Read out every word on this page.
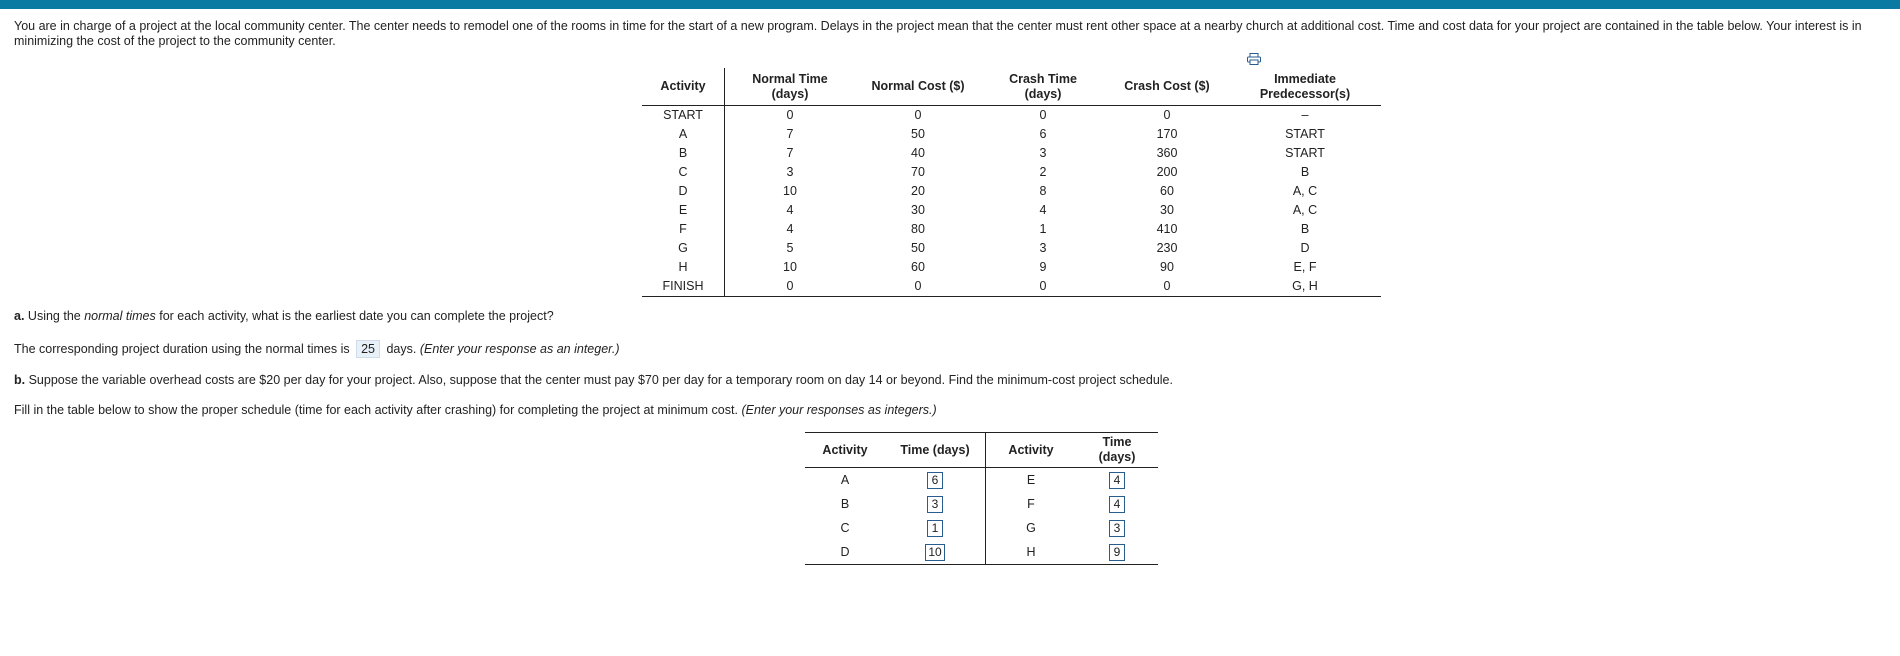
You are in charge of a project at the local community center. The center needs to remodel one of the rooms in time for the start of a new program. Delays in the project mean that the center must rent other space at a nearby church at additional cost. Time and cost data for your project are contained in the table below. Your interest is in minimizing the cost of the project to the community center.
Activity	Normal Time (days)	Normal Cost ($)	Crash Time (days)	Crash Cost ($)	Immediate Predecessor(s)
START	0	0	0	0	–
A	7	50	6	170	START
B	7	40	3	360	START
C	3	70	2	200	B
D	10	20	8	60	A, C
E	4	30	4	30	A, C
F	4	80	1	410	B
G	5	50	3	230	D
H	10	60	9	90	E, F
FINISH	0	0	0	0	G, H
a. Using the normal times for each activity, what is the earliest date you can complete the project?
The corresponding project duration using the normal times is 25 days. (Enter your response as an integer.)
b. Suppose the variable overhead costs are $20 per day for your project. Also, suppose that the center must pay $70 per day for a temporary room on day 14 or beyond. Find the minimum-cost project schedule.
Fill in the table below to show the proper schedule (time for each activity after crashing) for completing the project at minimum cost. (Enter your responses as integers.)
Activity	Time (days)	Activity	Time (days)
A	6	E	4
B	3	F	4
C	1	G	3
D	10	H	9
